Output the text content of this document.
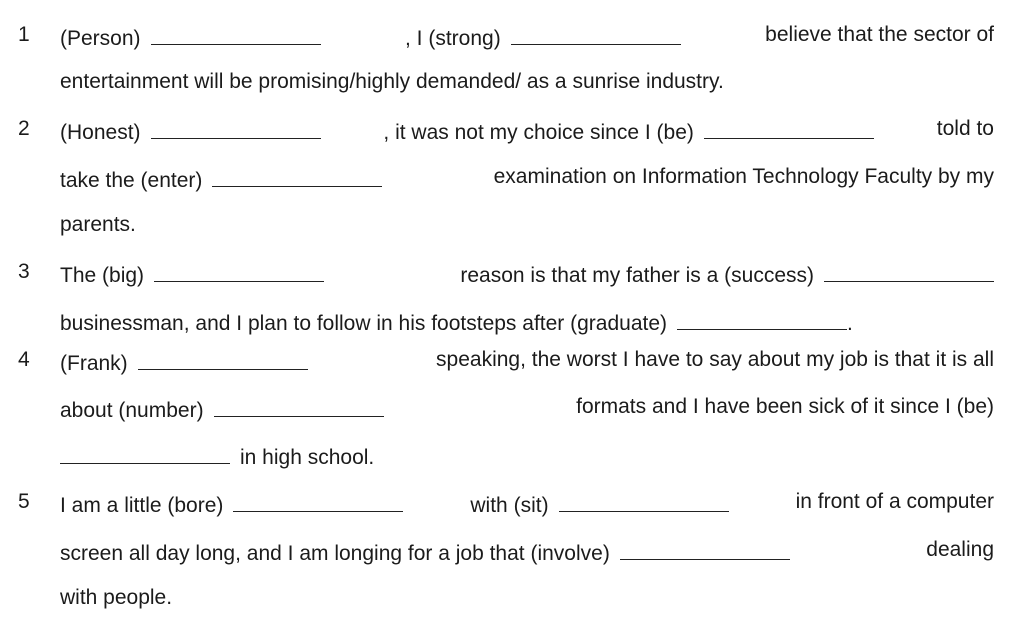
1 (Person)	, I (strong)	believe that the sector of
entertainment will be promising/highly demanded/ as a sunrise industry.
2 (Honest)	, it was not my choice since I (be)	told to
take the (enter)	examination on Information Technology Faculty by my
parents.
3 The (big)	reason is that my father is a (success)
businessman, and I plan to follow in his footsteps after (graduate)	.
4 (Frank)	speaking, the worst I have to say about my job is that it is all
about (number)	formats and I have been sick of it since I (be)
in high school.
5 I am a little (bore)	with (sit)	in front of a computer
screen all day long, and I am longing for a job that (involve)	dealing
with people.
